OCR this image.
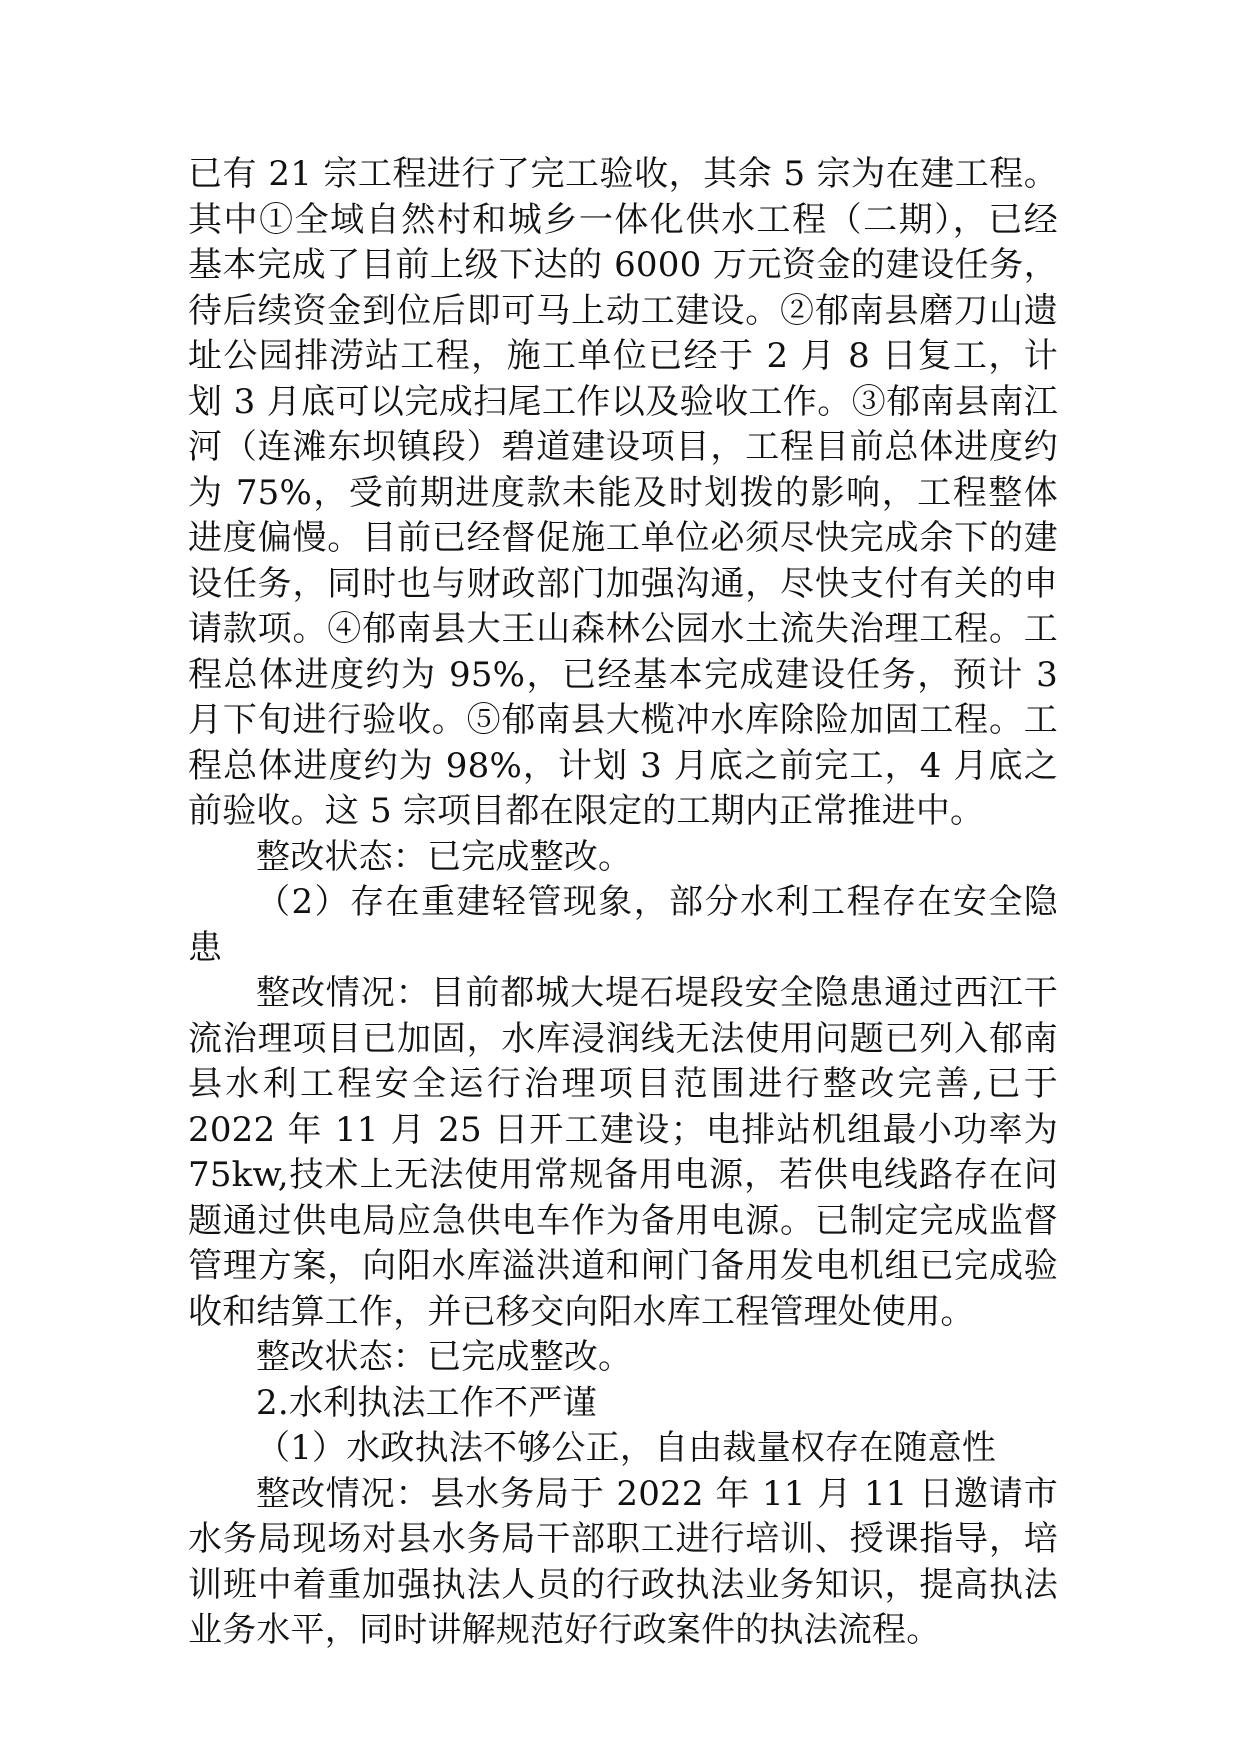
已有 21 宗工程进行了完工验收，其余 5 宗为在建工程。其中①全域自然村和城乡一体化供水工程（二期），已经基本完成了目前上级下达的 6000 万元资金的建设任务，待后续资金到位后即可马上动工建设。②郁南县磨刀山遗址公园排涝站工程，施工单位已经于 2 月 8 日复工，计划 3 月底可以完成扫尾工作以及验收工作。③郁南县南江河（连滩东坝镇段）碧道建设项目，工程目前总体进度约为 75%，受前期进度款未能及时划拨的影响，工程整体进度偏慢。目前已经督促施工单位必须尽快完成余下的建设任务，同时也与财政部门加强沟通，尽快支付有关的申请款项。④郁南县大王山森林公园水土流失治理工程。工程总体进度约为 95%，已经基本完成建设任务，预计 3 月下旬进行验收。⑤郁南县大榄冲水库除险加固工程。工程总体进度约为 98%，计划 3 月底之前完工，4 月底之前验收。这 5 宗项目都在限定的工期内正常推进中。

整改状态：已完成整改。

（2）存在重建轻管现象，部分水利工程存在安全隐患

整改情况：目前都城大堤石堤段安全隐患通过西江干流治理项目已加固，水库浸润线无法使用问题已列入郁南县水利工程安全运行治理项目范围进行整改完善,已于 2022 年 11 月 25 日开工建设；电排站机组最小功率为 75kw,技术上无法使用常规备用电源，若供电线路存在问题通过供电局应急供电车作为备用电源。已制定完成监督管理方案，向阳水库溢洪道和闸门备用发电机组已完成验收和结算工作，并已移交向阳水库工程管理处使用。

整改状态：已完成整改。

2.水利执法工作不严谨

（1）水政执法不够公正，自由裁量权存在随意性

整改情况：县水务局于 2022 年 11 月 11 日邀请市水务局现场对县水务局干部职工进行培训、授课指导，培训班中着重加强执法人员的行政执法业务知识，提高执法业务水平，同时讲解规范好行政案件的执法流程。
